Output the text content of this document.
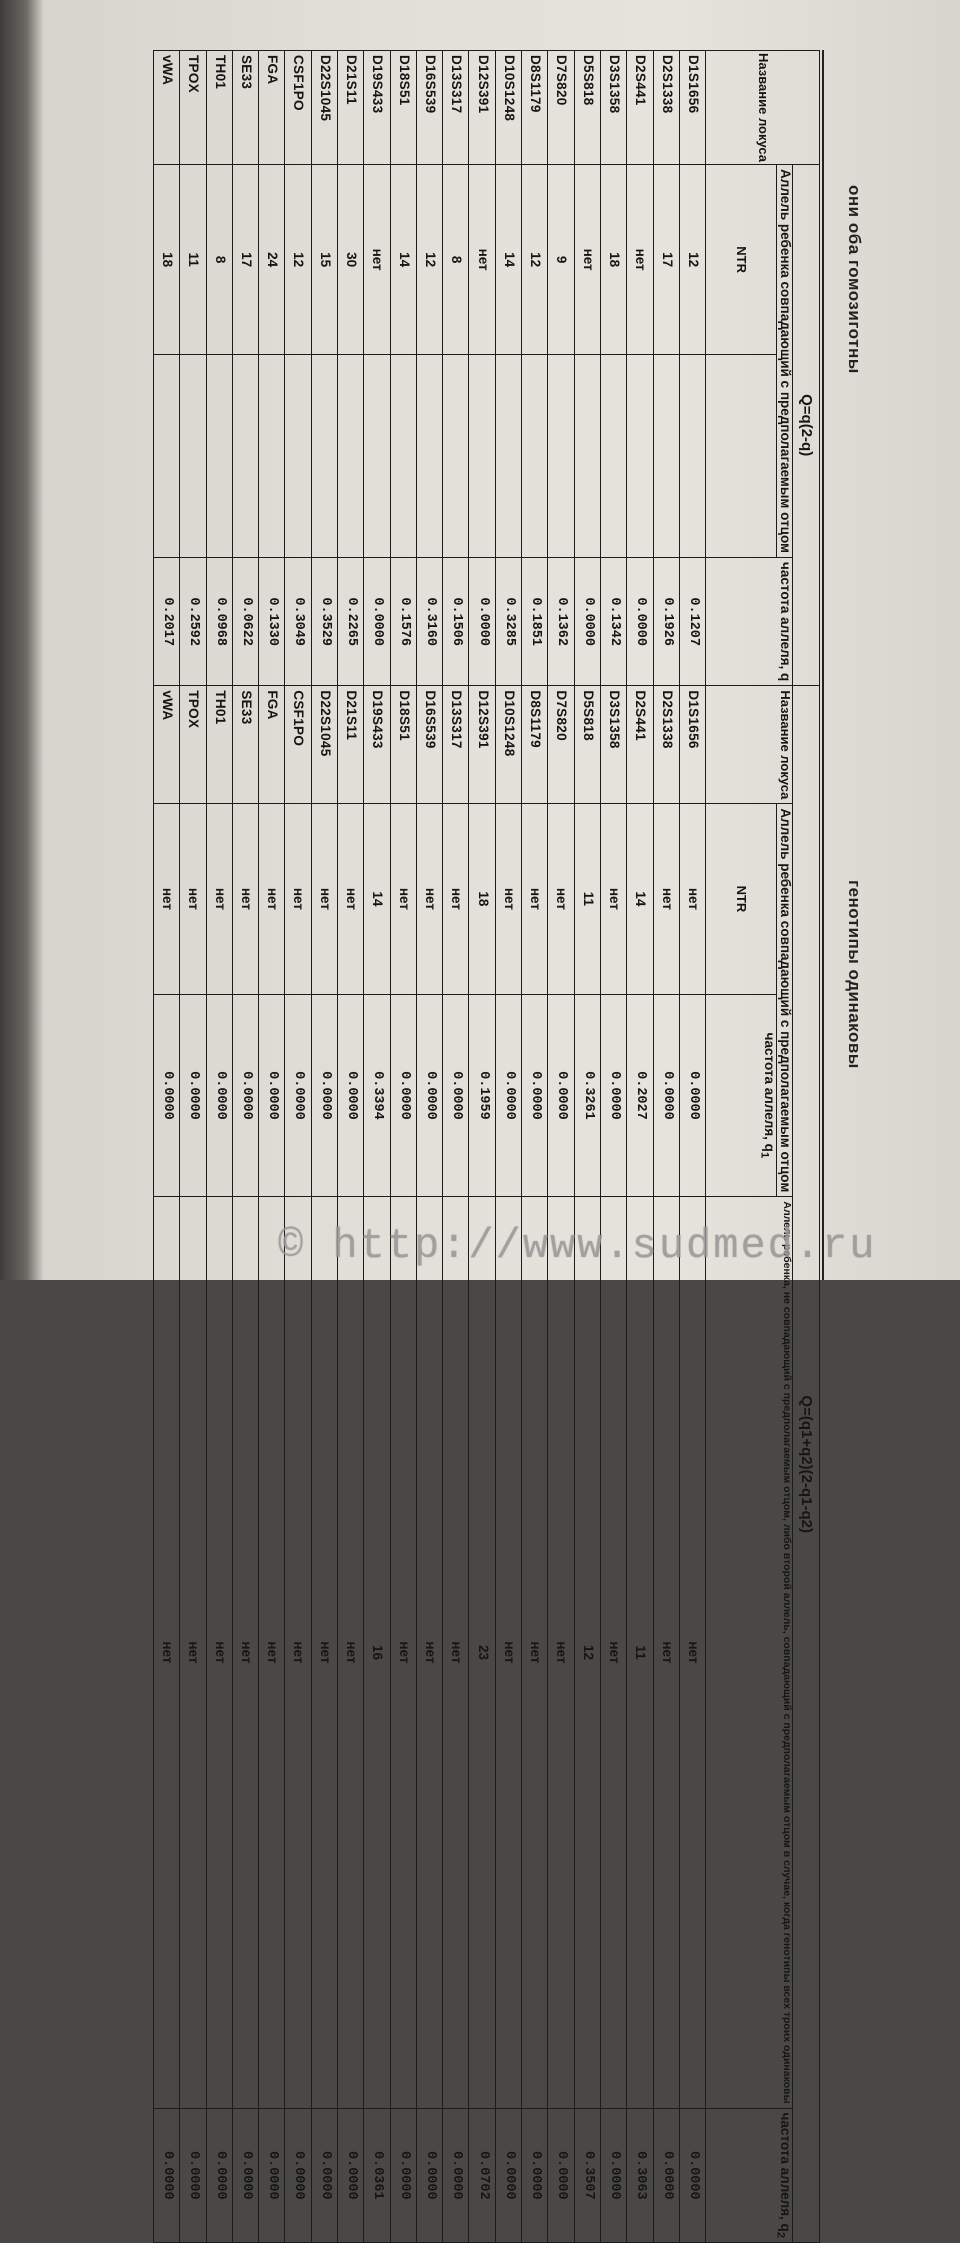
они оба гомозиготны
генотипы одинаковы
Название локуса	Q=q(2-q)			Q=(q1+q2)(2-q1-q2)				
	Аллель ребенка совпадающий с предполагаемым отцом		частота аллеля, q	Название локуса	Аллель ребенка совпадающий с предполагаемым отцом		Аллель ребенка, не совпадающий с предполагаемым отцом, либо второй аллель, совпадающий с предполагаемым отцом в случае, когда генотипы всех троих одинаковы	частота аллеля, $q_2$
	NTR				NTR	частота аллеля, $q_1$
D1S1656	12		0.1207	D1S1656	нет	0.0000	нет	0.0000
D2S1338	17		0.1926	D2S1338	нет	0.0000	нет	0.0000
D2S441	нет		0.0000	D2S441	14	0.2027	11	0.3063
D3S1358	18		0.1342	D3S1358	нет	0.0000	нет	0.0000
D5S818	нет		0.0000	D5S818	11	0.3261	12	0.3507
D7S820	9		0.1362	D7S820	нет	0.0000	нет	0.0000
D8S1179	12		0.1851	D8S1179	нет	0.0000	нет	0.0000
D10S1248	14		0.3285	D10S1248	нет	0.0000	нет	0.0000
D12S391	нет		0.0000	D12S391	18	0.1959	23	0.0702
D13S317	8		0.1506	D13S317	нет	0.0000	нет	0.0000
D16S539	12		0.3160	D16S539	нет	0.0000	нет	0.0000
D18S51	14		0.1576	D18S51	нет	0.0000	нет	0.0000
D19S433	нет		0.0000	D19S433	14	0.3394	16	0.0361
D21S11	30		0.2265	D21S11	нет	0.0000	нет	0.0000
D22S1045	15		0.3529	D22S1045	нет	0.0000	нет	0.0000
CSF1PO	12		0.3049	CSF1PO	нет	0.0000	нет	0.0000
FGA	24		0.1330	FGA	нет	0.0000	нет	0.0000
SE33	17		0.0622	SE33	нет	0.0000	нет	0.0000
TH01	8		0.0968	TH01	нет	0.0000	нет	0.0000
TPOX	11		0.2592	TPOX	нет	0.0000	нет	0.0000
vWA	18		0.2017	vWA	нет	0.0000	нет	0.0000
© http://www.sudmed.ru
